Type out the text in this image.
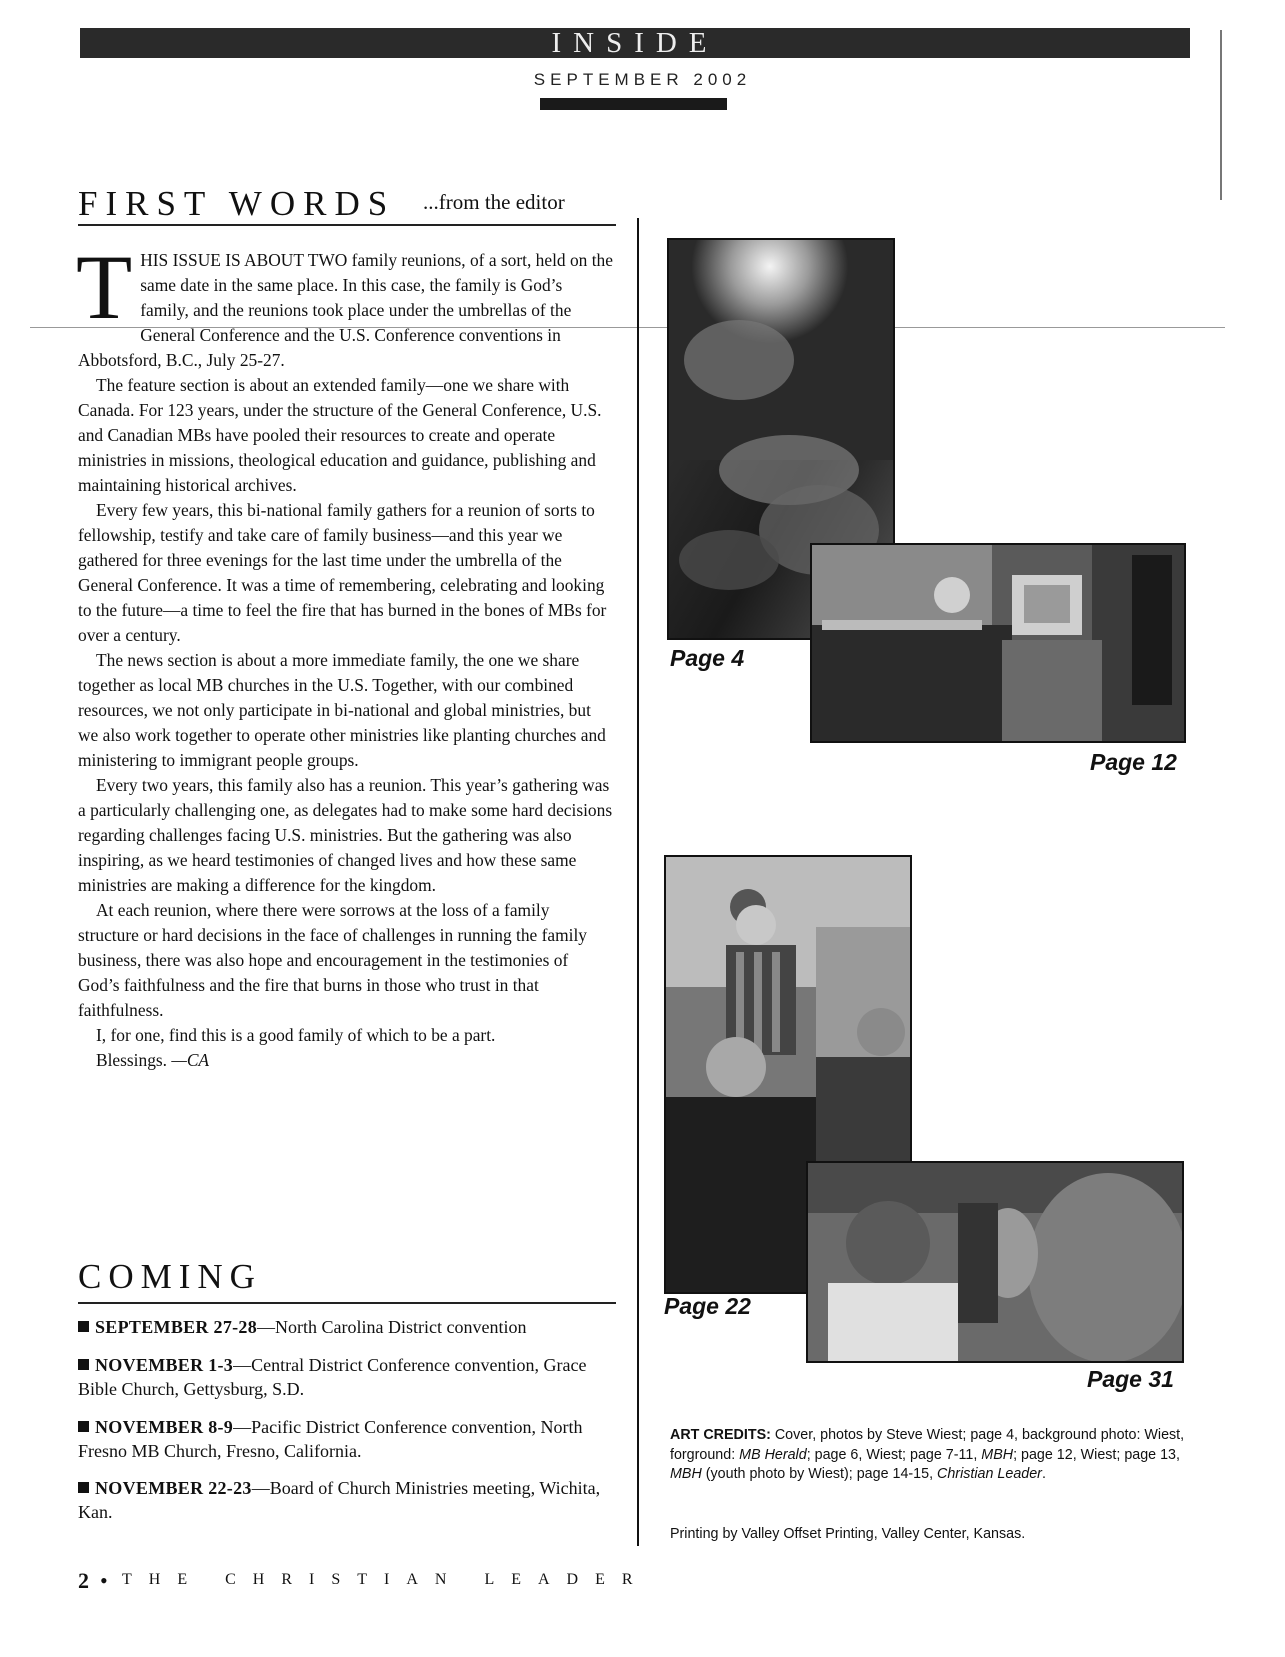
INSIDE
SEPTEMBER 2002
FIRST WORDS ...from the editor

THIS ISSUE IS ABOUT TWO family reunions, of a sort, held on the same date in the same place. In this case, the family is God’s family, and the reunions took place under the umbrellas of the General Conference and the U.S. Conference conventions in Abbotsford, B.C., July 25-27.

The feature section is about an extended family—one we share with Canada. For 123 years, under the structure of the General Conference, U.S. and Canadian MBs have pooled their resources to create and operate ministries in missions, theological education and guidance, publishing and maintaining historical archives.

Every few years, this bi-national family gathers for a reunion of sorts to fellowship, testify and take care of family business—and this year we gathered for three evenings for the last time under the umbrella of the General Conference. It was a time of remembering, celebrating and looking to the future—a time to feel the fire that has burned in the bones of MBs for over a century.

The news section is about a more immediate family, the one we share together as local MB churches in the U.S. Together, with our combined resources, we not only participate in bi-national and global ministries, but we also work together to operate other ministries like planting churches and ministering to immigrant people groups.

Every two years, this family also has a reunion. This year’s gathering was a particularly challenging one, as delegates had to make some hard decisions regarding challenges facing U.S. ministries. But the gathering was also inspiring, as we heard testimonies of changed lives and how these same ministries are making a difference for the kingdom.

At each reunion, where there were sorrows at the loss of a family structure or hard decisions in the face of challenges in running the family business, there was also hope and encouragement in the testimonies of God’s faithfulness and the fire that burns in those who trust in that faithfulness.

I, for one, find this is a good family of which to be a part.

Blessings. —CA

COMING
SEPTEMBER 27-28—North Carolina District convention
NOVEMBER 1-3—Central District Conference convention, Grace Bible Church, Gettysburg, S.D.
NOVEMBER 8-9—Pacific District Conference convention, North Fresno MB Church, Fresno, California.
NOVEMBER 22-23—Board of Church Ministries meeting, Wichita, Kan.
2 • THE CHRISTIAN LEADER
Page 4
Page 12
Page 22
Page 31
ART CREDITS: Cover, photos by Steve Wiest; page 4, background photo: Wiest, forground: MB Herald; page 6, Wiest; page 7-11, MBH; page 12, Wiest; page 13, MBH (youth photo by Wiest); page 14-15, Christian Leader.
Printing by Valley Offset Printing, Valley Center, Kansas.
